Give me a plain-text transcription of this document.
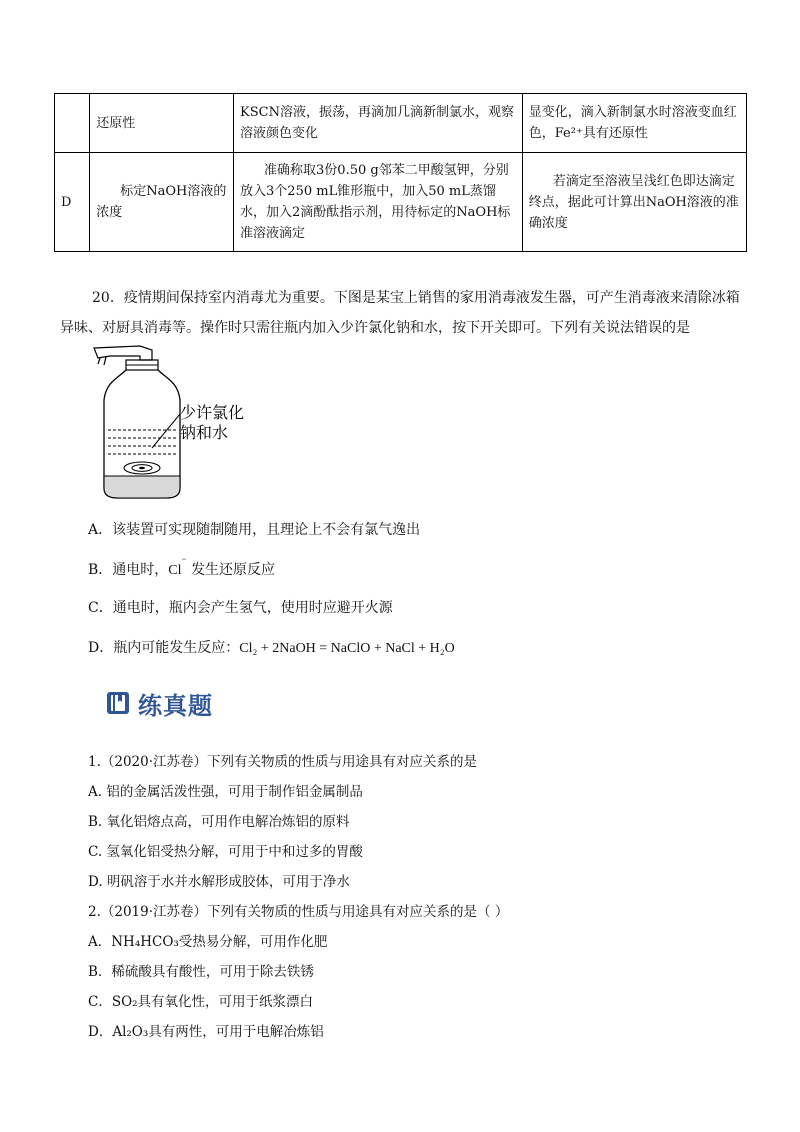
	还原性	KSCN溶液，振荡，再滴加几滴新制氯水，观察溶液颜色变化	显变化，滴入新制氯水时溶液变血红色，Fe²⁺具有还原性
D	标定NaOH溶液的浓度	准确称取3份0.50 g邻苯二甲酸氢钾，分别放入3个250 mL锥形瓶中，加入50 mL蒸馏水，加入2滴酚酞指示剂，用待标定的NaOH标准溶液滴定	若滴定至溶液呈浅红色即达滴定终点，据此可计算出NaOH溶液的准确浓度
20．疫情期间保持室内消毒尤为重要。下图是某宝上销售的家用消毒液发生器，可产生消毒液来清除冰箱异味、对厨具消毒等。操作时只需往瓶内加入少许氯化钠和水，按下开关即可。下列有关说法错误的是
少许氯化
钠和水
A．该装置可实现随制随用，且理论上不会有氯气逸出
B．通电时，Cl− 发生还原反应
C．通电时，瓶内会产生氢气，使用时应避开火源
D．瓶内可能发生反应：Cl₂ + 2NaOH = NaClO + NaCl + H₂O
练真题
1.（2020·江苏卷）下列有关物质的性质与用途具有对应关系的是
A. 铝的金属活泼性强，可用于制作铝金属制品
B. 氧化铝熔点高，可用作电解冶炼铝的原料
C. 氢氧化铝受热分解，可用于中和过多的胃酸
D. 明矾溶于水并水解形成胶体，可用于净水
2.（2019·江苏卷）下列有关物质的性质与用途具有对应关系的是（ ）
A．NH₄HCO₃受热易分解，可用作化肥
B．稀硫酸具有酸性，可用于除去铁锈
C．SO₂具有氧化性，可用于纸浆漂白
D．Al₂O₃具有两性，可用于电解冶炼铝
